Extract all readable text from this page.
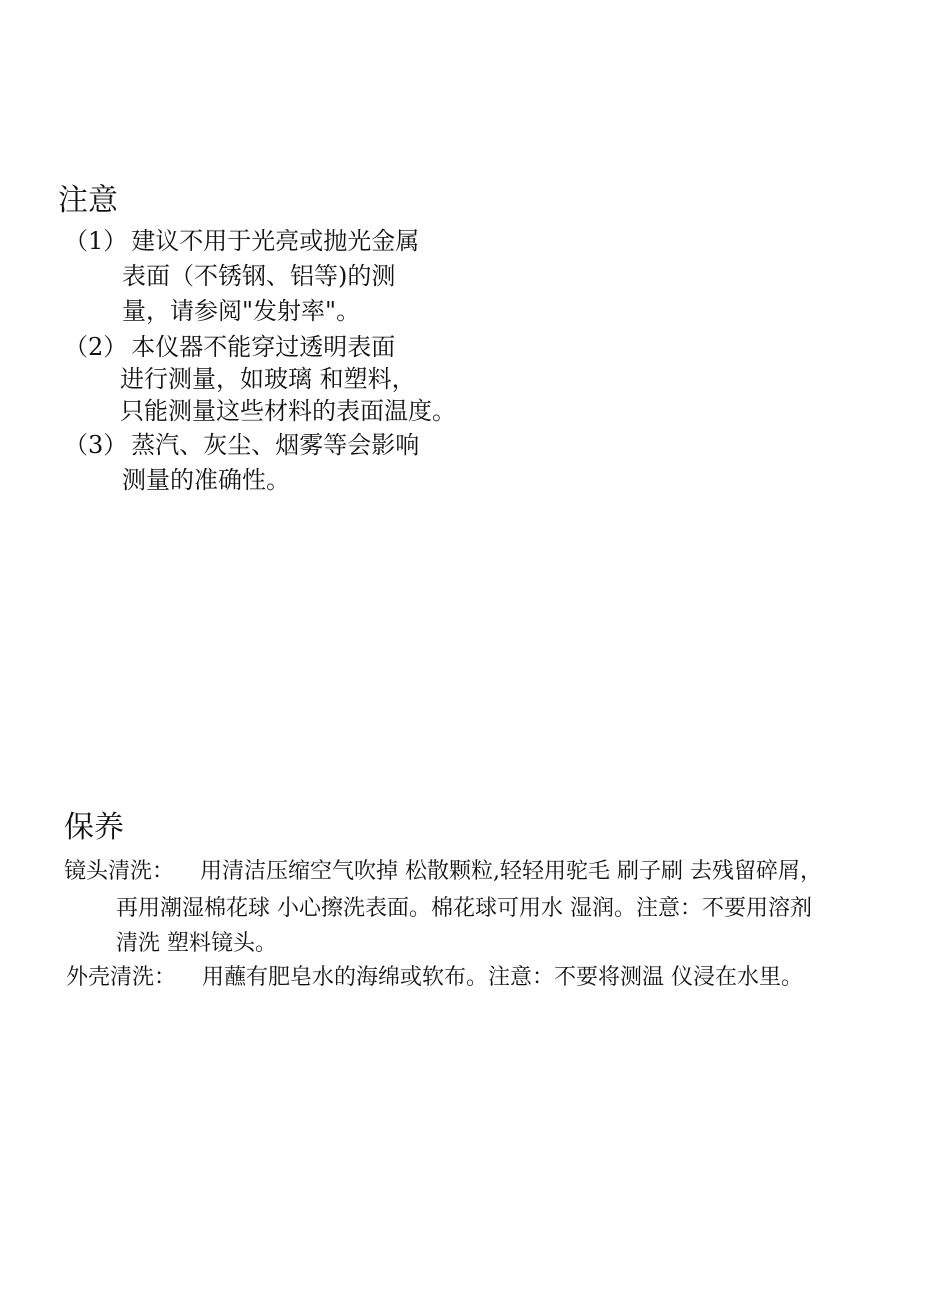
注意
（1） 建议不用于光亮或抛光金属
表面（不锈钢、铝等)的测
量，请参阅"发射率"。
（2） 本仪器不能穿过透明表面
进行测量，如玻璃 和塑料，
只能测量这些材料的表面温度。
（3） 蒸汽、灰尘、烟雾等会影响
测量的准确性。
保养
镜头清洗： 用清洁压缩空气吹掉 松散颗粒,轻轻用驼毛 刷子刷 去残留碎屑，
再用潮湿棉花球 小心擦洗表面。棉花球可用水 湿润。注意：不要用溶剂
清洗 塑料镜头。
外壳清洗： 用蘸有肥皂水的海绵或软布。注意：不要将测温 仪浸在水里。
